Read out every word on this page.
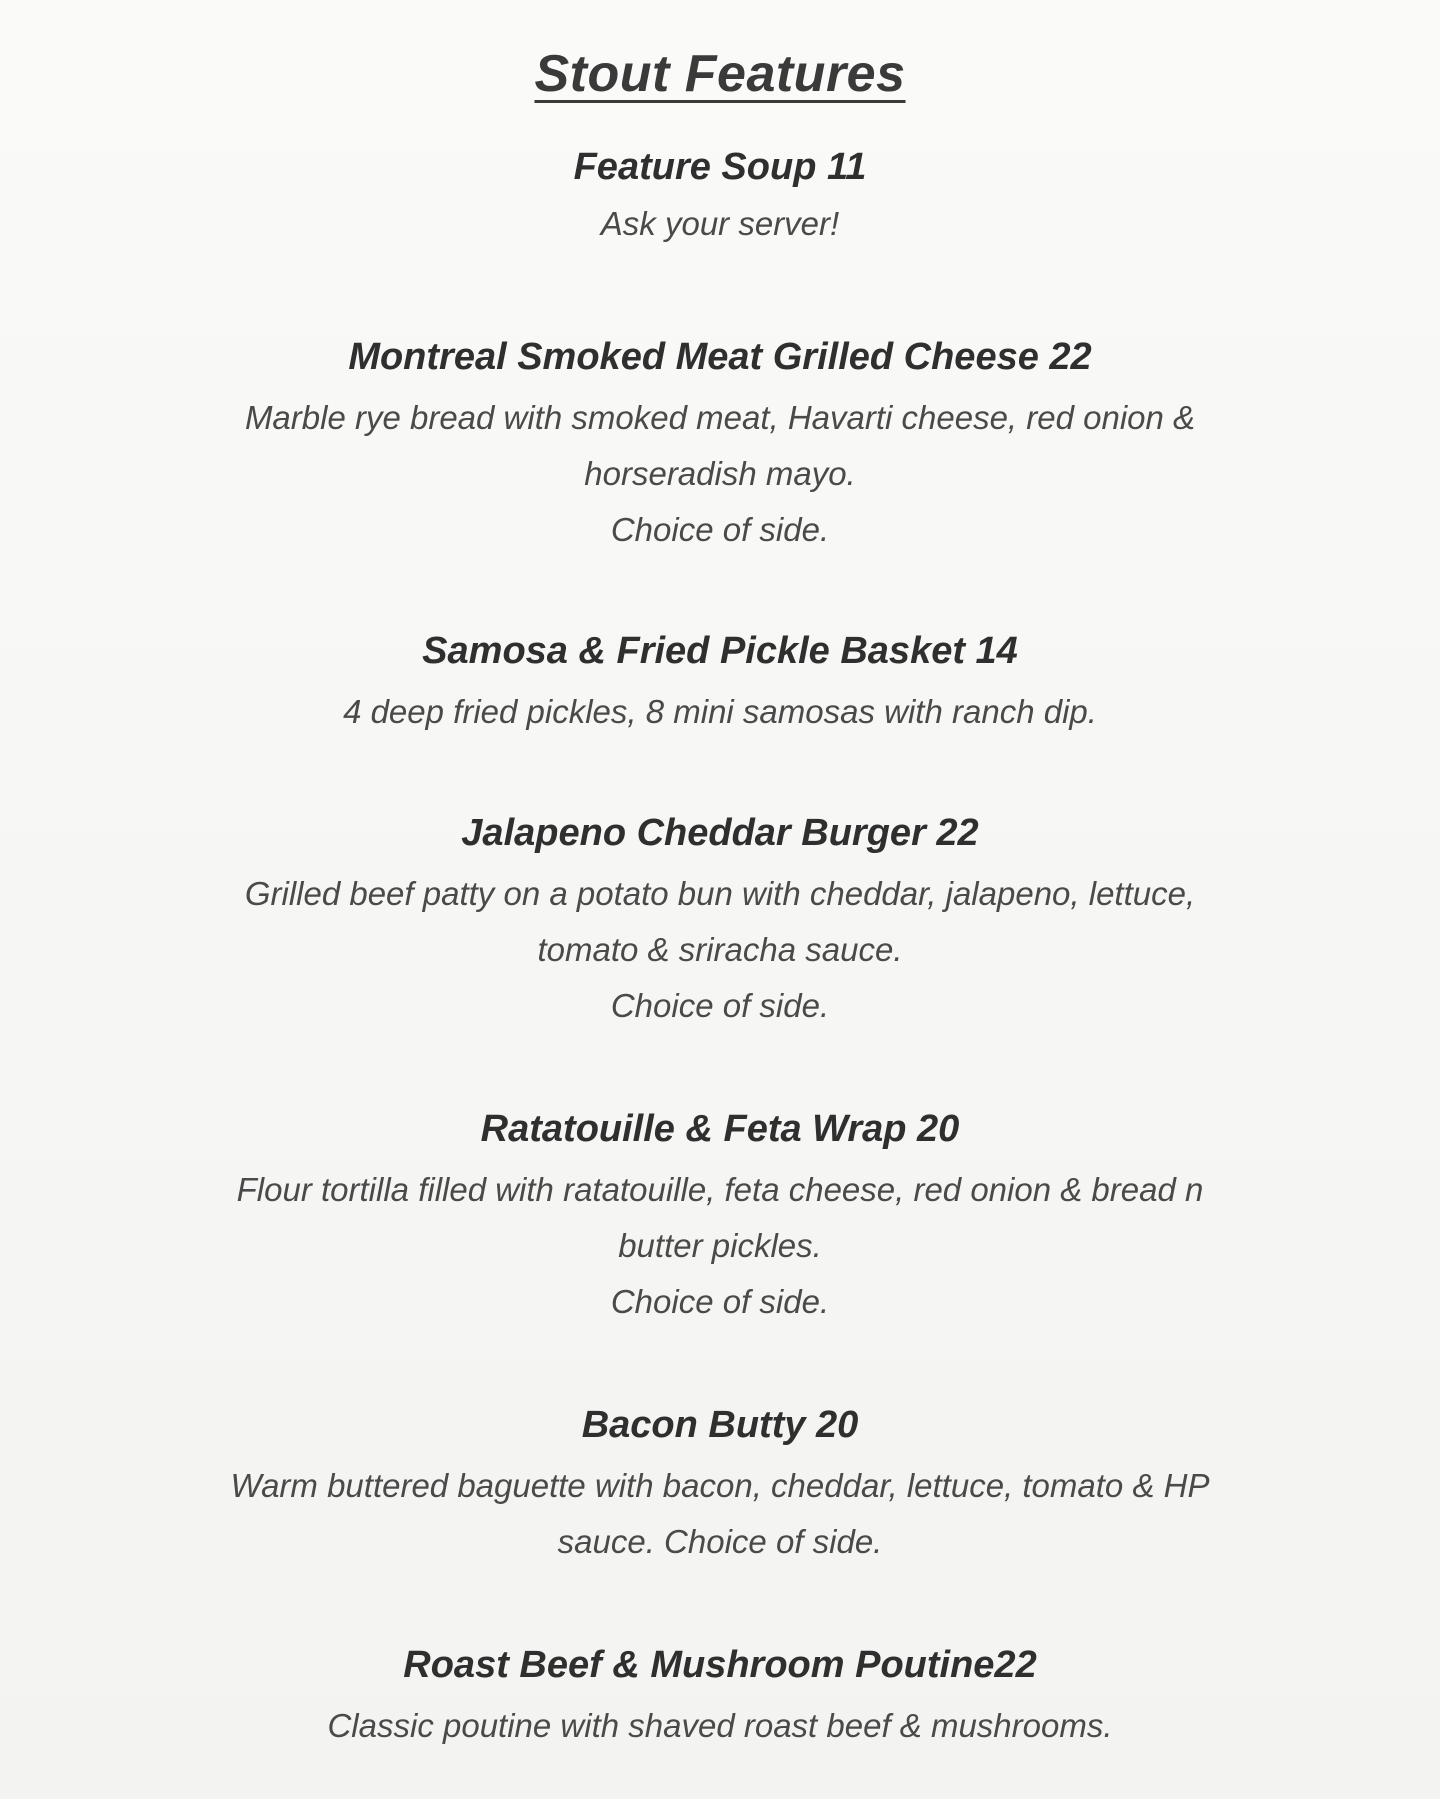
Stout Features

Feature Soup 11

Ask your server!

Montreal Smoked Meat Grilled Cheese 22

Marble rye bread with smoked meat, Havarti cheese, red onion &
horseradish mayo.
Choice of side.

Samosa & Fried Pickle Basket 14

4 deep fried pickles, 8 mini samosas with ranch dip.

Jalapeno Cheddar Burger 22

Grilled beef patty on a potato bun with cheddar, jalapeno, lettuce,
tomato & sriracha sauce.
Choice of side.

Ratatouille & Feta Wrap 20

Flour tortilla filled with ratatouille, feta cheese, red onion & bread n
butter pickles.
Choice of side.

Bacon Butty 20

Warm buttered baguette with bacon, cheddar, lettuce, tomato & HP
sauce. Choice of side.

Roast Beef & Mushroom Poutine22

Classic poutine with shaved roast beef & mushrooms.
